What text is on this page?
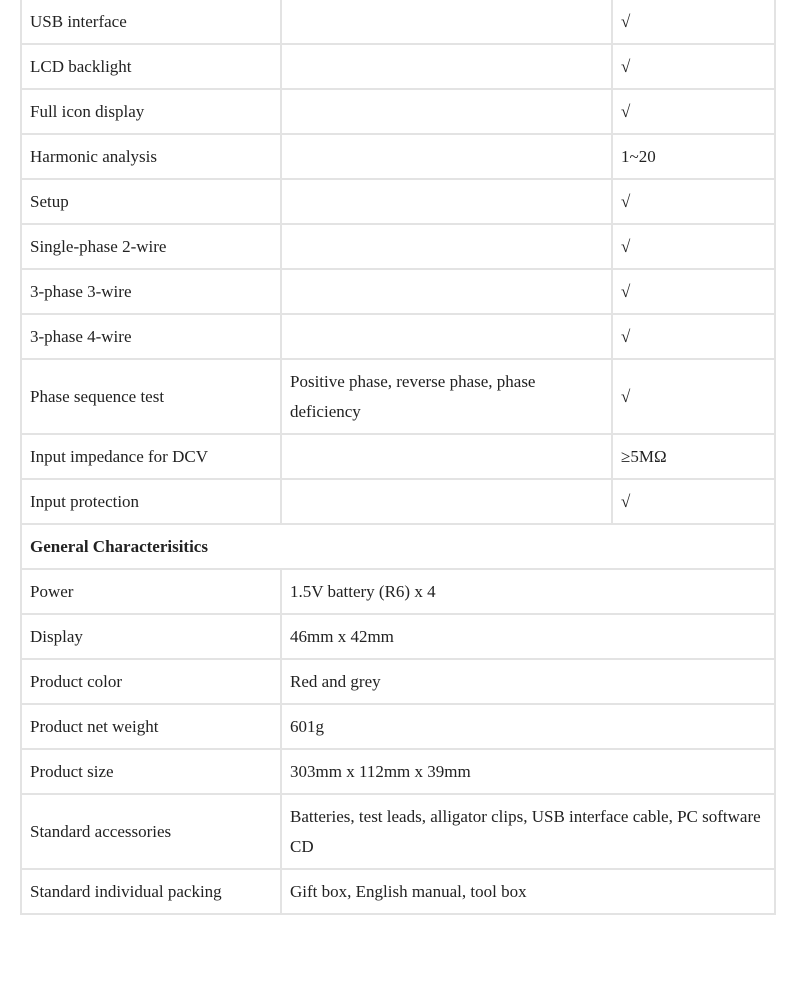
USB interface		√
LCD backlight		√
Full icon display		√
Harmonic analysis		1~20
Setup		√
Single-phase 2-wire		√
3-phase 3-wire		√
3-phase 4-wire		√
Phase sequence test	Positive phase, reverse phase, phase deficiency	√
Input impedance for DCV		≥5MΩ
Input protection		√
General Characterisitics		
Power	1.5V battery (R6) x 4	
Display	46mm x 42mm	
Product color	Red and grey	
Product net weight	601g	
Product size	303mm x 112mm x 39mm	
Standard accessories	Batteries, test leads, alligator clips, USB interface cable, PC software CD	
Standard individual packing	Gift box, English manual, tool box	
